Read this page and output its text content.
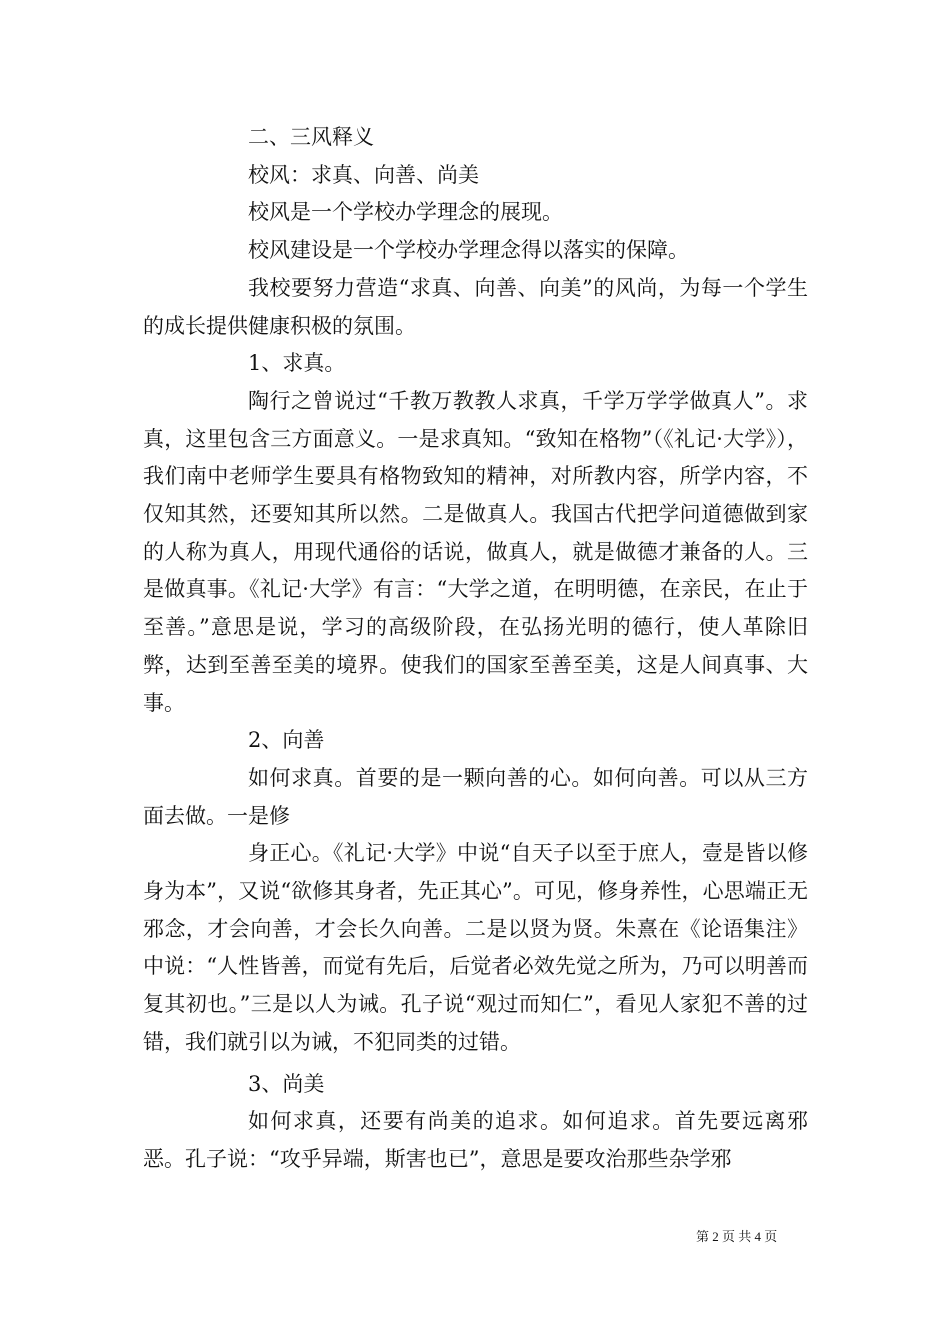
二、三风释义

校风：求真、向善、尚美

校风是一个学校办学理念的展现。

校风建设是一个学校办学理念得以落实的保障。

我校要努力营造“求真、向善、向美”的风尚，为每一个学生的成长提供健康积极的氛围。

1、求真。

陶行之曾说过“千教万教教人求真，千学万学学做真人”。求真，这里包含三方面意义。一是求真知。“致知在格物”（《礼记·大学》），我们南中老师学生要具有格物致知的精神，对所教内容，所学内容，不仅知其然，还要知其所以然。二是做真人。我国古代把学问道德做到家的人称为真人，用现代通俗的话说，做真人，就是做德才兼备的人。三是做真事。《礼记·大学》有言：“大学之道，在明明德，在亲民，在止于至善。”意思是说，学习的高级阶段，在弘扬光明的德行，使人革除旧弊，达到至善至美的境界。使我们的国家至善至美，这是人间真事、大事。

2、向善

如何求真。首要的是一颗向善的心。如何向善。可以从三方面去做。一是修

身正心。《礼记·大学》中说“自天子以至于庶人，壹是皆以修身为本”，又说“欲修其身者，先正其心”。可见，修身养性，心思端正无邪念，才会向善，才会长久向善。二是以贤为贤。朱熹在《论语集注》中说：“人性皆善，而觉有先后，后觉者必效先觉之所为，乃可以明善而复其初也。”三是以人为诫。孔子说“观过而知仁”，看见人家犯不善的过错，我们就引以为诫，不犯同类的过错。

3、尚美

如何求真，还要有尚美的追求。如何追求。首先要远离邪恶。孔子说：“攻乎异端，斯害也已”，意思是要攻治那些杂学邪

第 2 页 共 4 页
